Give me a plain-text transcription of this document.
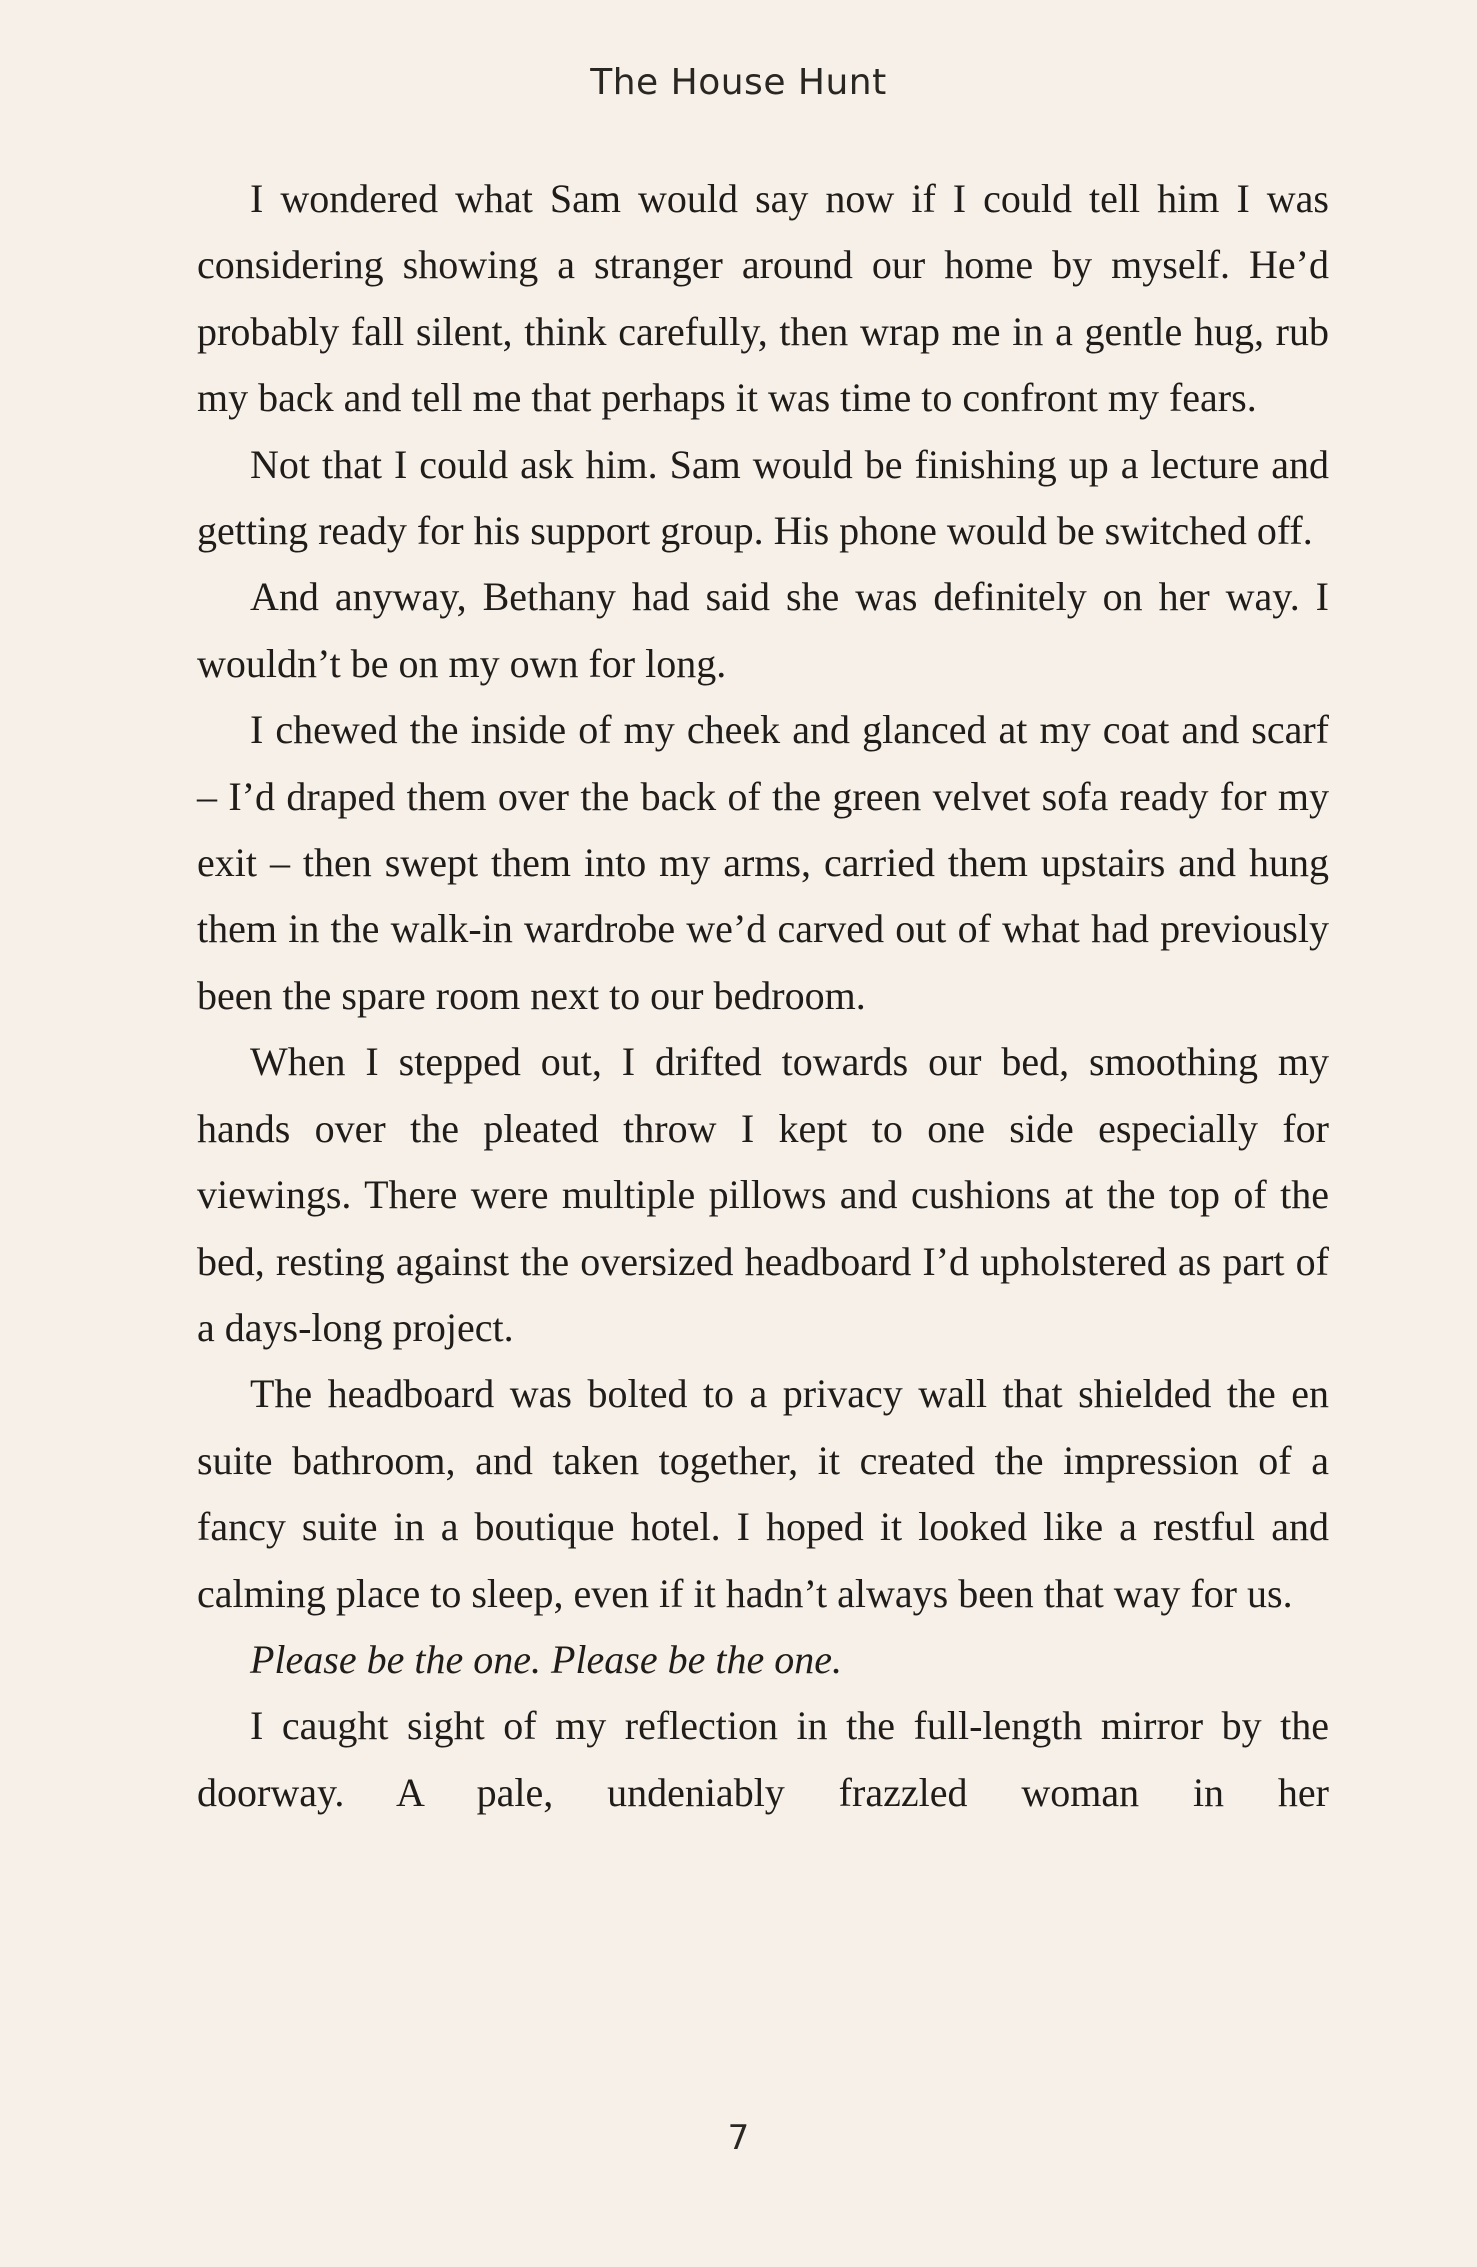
The House Hunt

I wondered what Sam would say now if I could tell him I was considering showing a stranger around our home by myself. He’d probably fall silent, think carefully, then wrap me in a gentle hug, rub my back and tell me that perhaps it was time to confront my fears.

Not that I could ask him. Sam would be finishing up a lecture and getting ready for his support group. His phone would be switched off.

And anyway, Bethany had said she was definitely on her way. I wouldn’t be on my own for long.

I chewed the inside of my cheek and glanced at my coat and scarf – I’d draped them over the back of the green velvet sofa ready for my exit – then swept them into my arms, carried them upstairs and hung them in the walk-in wardrobe we’d carved out of what had previously been the spare room next to our bedroom.

When I stepped out, I drifted towards our bed, smoothing my hands over the pleated throw I kept to one side especially for viewings. There were multiple pillows and cushions at the top of the bed, resting against the oversized headboard I’d upholstered as part of a days-long project.

The headboard was bolted to a privacy wall that shielded the en suite bathroom, and taken together, it created the impression of a fancy suite in a boutique hotel. I hoped it looked like a restful and calming place to sleep, even if it hadn’t always been that way for us.

Please be the one. Please be the one.

I caught sight of my reflection in the full-length mirror by the doorway. A pale, undeniably frazzled woman in her

7
